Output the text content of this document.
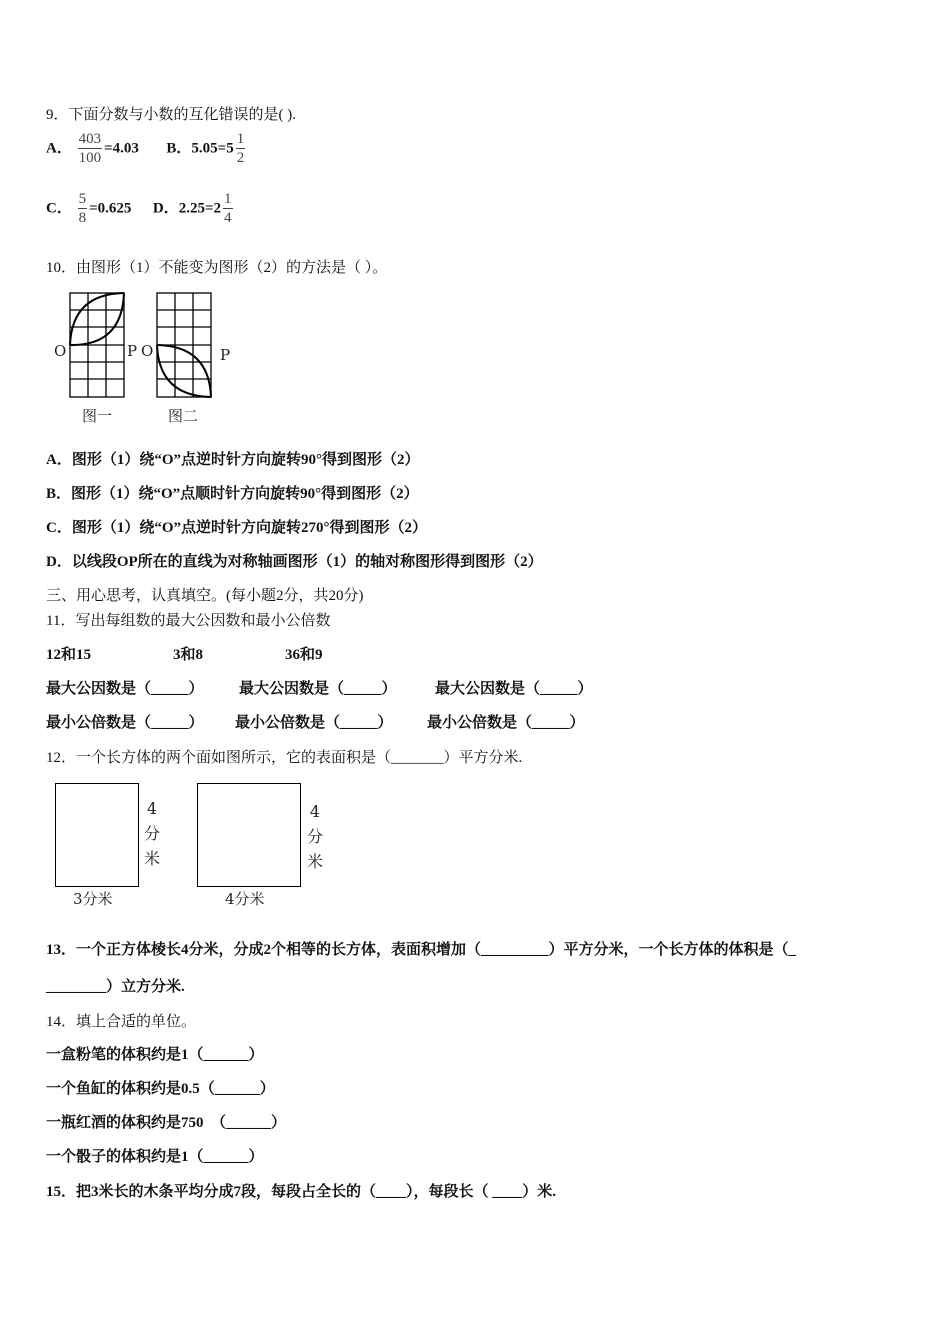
9．下面分数与小数的互化错误的是( ).
A． $\frac{403}{100} =4.03$ B．$5.05=5 \frac{1}{2}$
C． $\frac{5}{8} =0.625$ D．$2.25=2 \frac{1}{4}$
10．由图形（1）不能变为图形（2）的方法是（ ）。
O	P
图一
O	P
图二
A．图形（1）绕“O”点逆时针方向旋转90°得到图形（2）
B．图形（1）绕“O”点顺时针方向旋转90°得到图形（2）
C．图形（1）绕“O”点逆时针方向旋转270°得到图形（2）
D．以线段OP所在的直线为对称轴画图形（1）的轴对称图形得到图形（2）
三、用心思考，认真填空。(每小题2分，共20分)
11．写出每组数的最大公因数和最小公倍数
12和15	3和8	36和9
最大公因数是（_____） 最大公因数是（_____）	最大公因数是（_____）
最小公倍数是（_____） 最小公倍数是（_____） 最小公倍数是（_____）
12．一个长方体的两个面如图所示，它的表面积是（_______）平方分米.
4
分
米
3分米
4
分
米
4分米
13．一个正方体棱长4分米，分成2个相等的长方体，表面积增加（_________）平方分米，一个长方体的体积是（_
________）立方分米.
14．填上合适的单位。
一盒粉笔的体积约是1（______）
一个鱼缸的体积约是0.5（______）
一瓶红酒的体积约是750　（______）
一个骰子的体积约是1（______）
15．把3米长的木条平均分成7段，每段占全长的（____），每段长（ ____）米.
